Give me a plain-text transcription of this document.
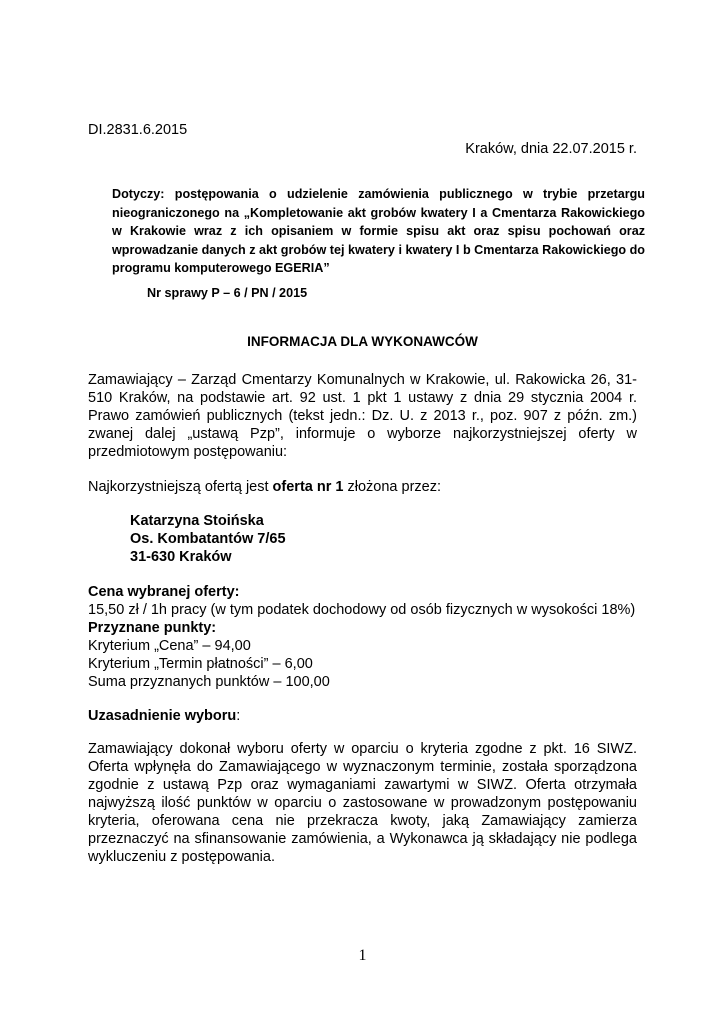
DI.2831.6.2015
Kraków, dnia 22.07.2015 r.
Dotyczy: postępowania o udzielenie zamówienia publicznego w trybie przetargu nieograniczonego na „Kompletowanie akt grobów kwatery I a Cmentarza Rakowickiego w Krakowie wraz z ich opisaniem w formie spisu akt oraz spisu pochowań oraz wprowadzanie danych z akt grobów tej kwatery i kwatery I b Cmentarza Rakowickiego do programu komputerowego EGERIA”
Nr sprawy P – 6 / PN / 2015
INFORMACJA DLA WYKONAWCÓW
Zamawiający – Zarząd Cmentarzy Komunalnych w Krakowie, ul. Rakowicka 26, 31-510 Kraków, na podstawie art. 92 ust. 1 pkt 1 ustawy z dnia 29 stycznia 2004 r. Prawo zamówień publicznych (tekst jedn.: Dz. U. z 2013 r., poz. 907 z późn. zm.) zwanej dalej „ustawą Pzp”, informuje o wyborze najkorzystniejszej oferty w przedmiotowym postępowaniu:
Najkorzystniejszą ofertą jest oferta nr 1 złożona przez:
Katarzyna Stoińska
Os. Kombatantów 7/65
31-630 Kraków
Cena wybranej oferty:
15,50 zł / 1h pracy (w tym podatek dochodowy od osób fizycznych w wysokości 18%)
Przyznane punkty:
Kryterium „Cena” – 94,00
Kryterium „Termin płatności” – 6,00
Suma przyznanych punktów – 100,00
Uzasadnienie wyboru:
Zamawiający dokonał wyboru oferty w oparciu o kryteria zgodne z pkt. 16 SIWZ. Oferta wpłynęła do Zamawiającego w wyznaczonym terminie, została sporządzona zgodnie z ustawą Pzp oraz wymaganiami zawartymi w SIWZ. Oferta otrzymała najwyższą ilość punktów w oparciu o zastosowane w prowadzonym postępowaniu kryteria, oferowana cena nie przekracza kwoty, jaką Zamawiający zamierza przeznaczyć na sfinansowanie zamówienia, a Wykonawca ją składający nie podlega wykluczeniu z postępowania.
1
